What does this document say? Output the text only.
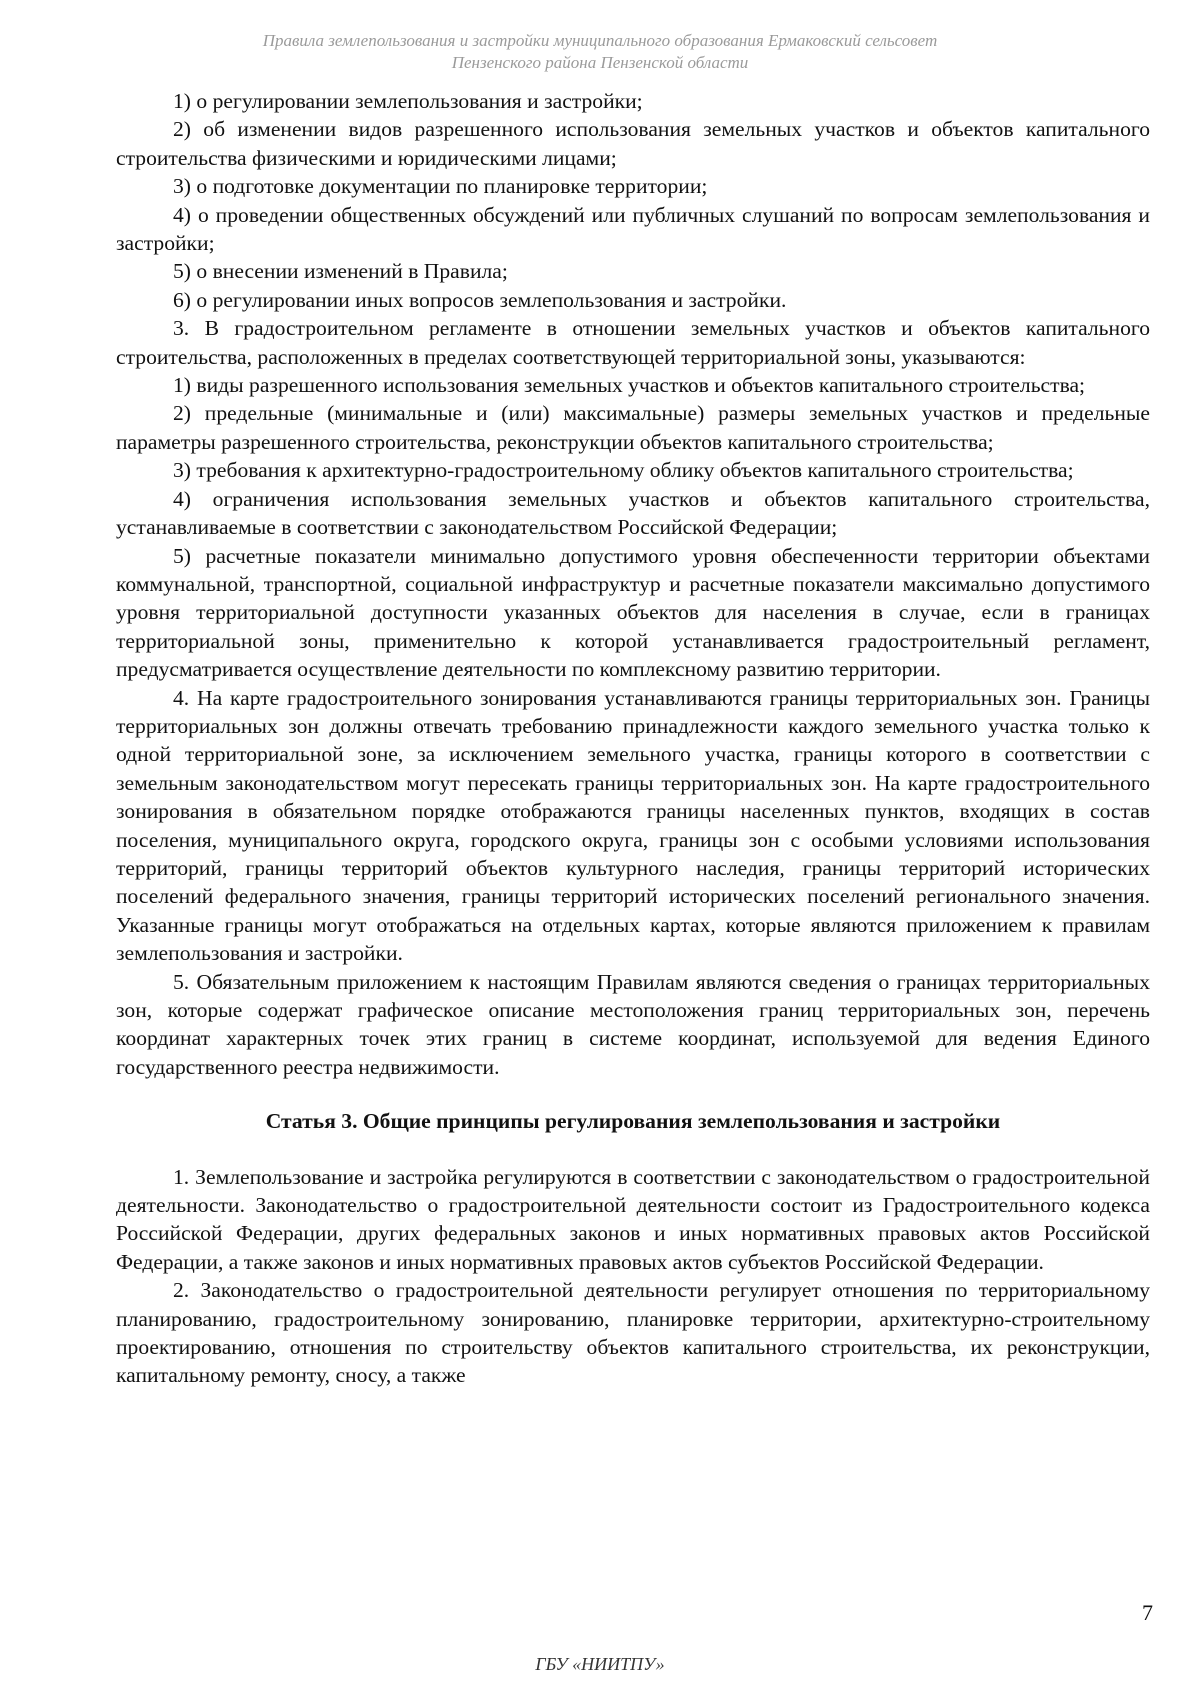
Правила землепользования и застройки муниципального образования Ермаковский сельсовет
Пензенского района Пензенской области

1) о регулировании землепользования и застройки;

2) об изменении видов разрешенного использования земельных участков и объектов капитального строительства физическими и юридическими лицами;

3) о подготовке документации по планировке территории;

4) о проведении общественных обсуждений или публичных слушаний по вопросам землепользования и застройки;

5) о внесении изменений в Правила;

6) о регулировании иных вопросов землепользования и застройки.

3. В градостроительном регламенте в отношении земельных участков и объектов капитального строительства, расположенных в пределах соответствующей территориальной зоны, указываются:

1) виды разрешенного использования земельных участков и объектов капитального строительства;

2) предельные (минимальные и (или) максимальные) размеры земельных участков и предельные параметры разрешенного строительства, реконструкции объектов капитального строительства;

3) требования к архитектурно-градостроительному облику объектов капитального строительства;

4) ограничения использования земельных участков и объектов капитального строительства, устанавливаемые в соответствии с законодательством Российской Федерации;

5) расчетные показатели минимально допустимого уровня обеспеченности территории объектами коммунальной, транспортной, социальной инфраструктур и расчетные показатели максимально допустимого уровня территориальной доступности указанных объектов для населения в случае, если в границах территориальной зоны, применительно к которой устанавливается градостроительный регламент, предусматривается осуществление деятельности по комплексному развитию территории.

4. На карте градостроительного зонирования устанавливаются границы территориальных зон. Границы территориальных зон должны отвечать требованию принадлежности каждого земельного участка только к одной территориальной зоне, за исключением земельного участка, границы которого в соответствии с земельным законодательством могут пересекать границы территориальных зон. На карте градостроительного зонирования в обязательном порядке отображаются границы населенных пунктов, входящих в состав поселения, муниципального округа, городского округа, границы зон с особыми условиями использования территорий, границы территорий объектов культурного наследия, границы территорий исторических поселений федерального значения, границы территорий исторических поселений регионального значения. Указанные границы могут отображаться на отдельных картах, которые являются приложением к правилам землепользования и застройки.

5. Обязательным приложением к настоящим Правилам являются сведения о границах территориальных зон, которые содержат графическое описание местоположения границ территориальных зон, перечень координат характерных точек этих границ в системе координат, используемой для ведения Единого государственного реестра недвижимости.

Статья 3. Общие принципы регулирования землепользования и застройки

1. Землепользование и застройка регулируются в соответствии с законодательством о градостроительной деятельности. Законодательство о градостроительной деятельности состоит из Градостроительного кодекса Российской Федерации, других федеральных законов и иных нормативных правовых актов Российской Федерации, а также законов и иных нормативных правовых актов субъектов Российской Федерации.

2. Законодательство о градостроительной деятельности регулирует отношения по территориальному планированию, градостроительному зонированию, планировке территории, архитектурно-строительному проектированию, отношения по строительству объектов капитального строительства, их реконструкции, капитальному ремонту, сносу, а также

7
ГБУ «НИИТПУ»
